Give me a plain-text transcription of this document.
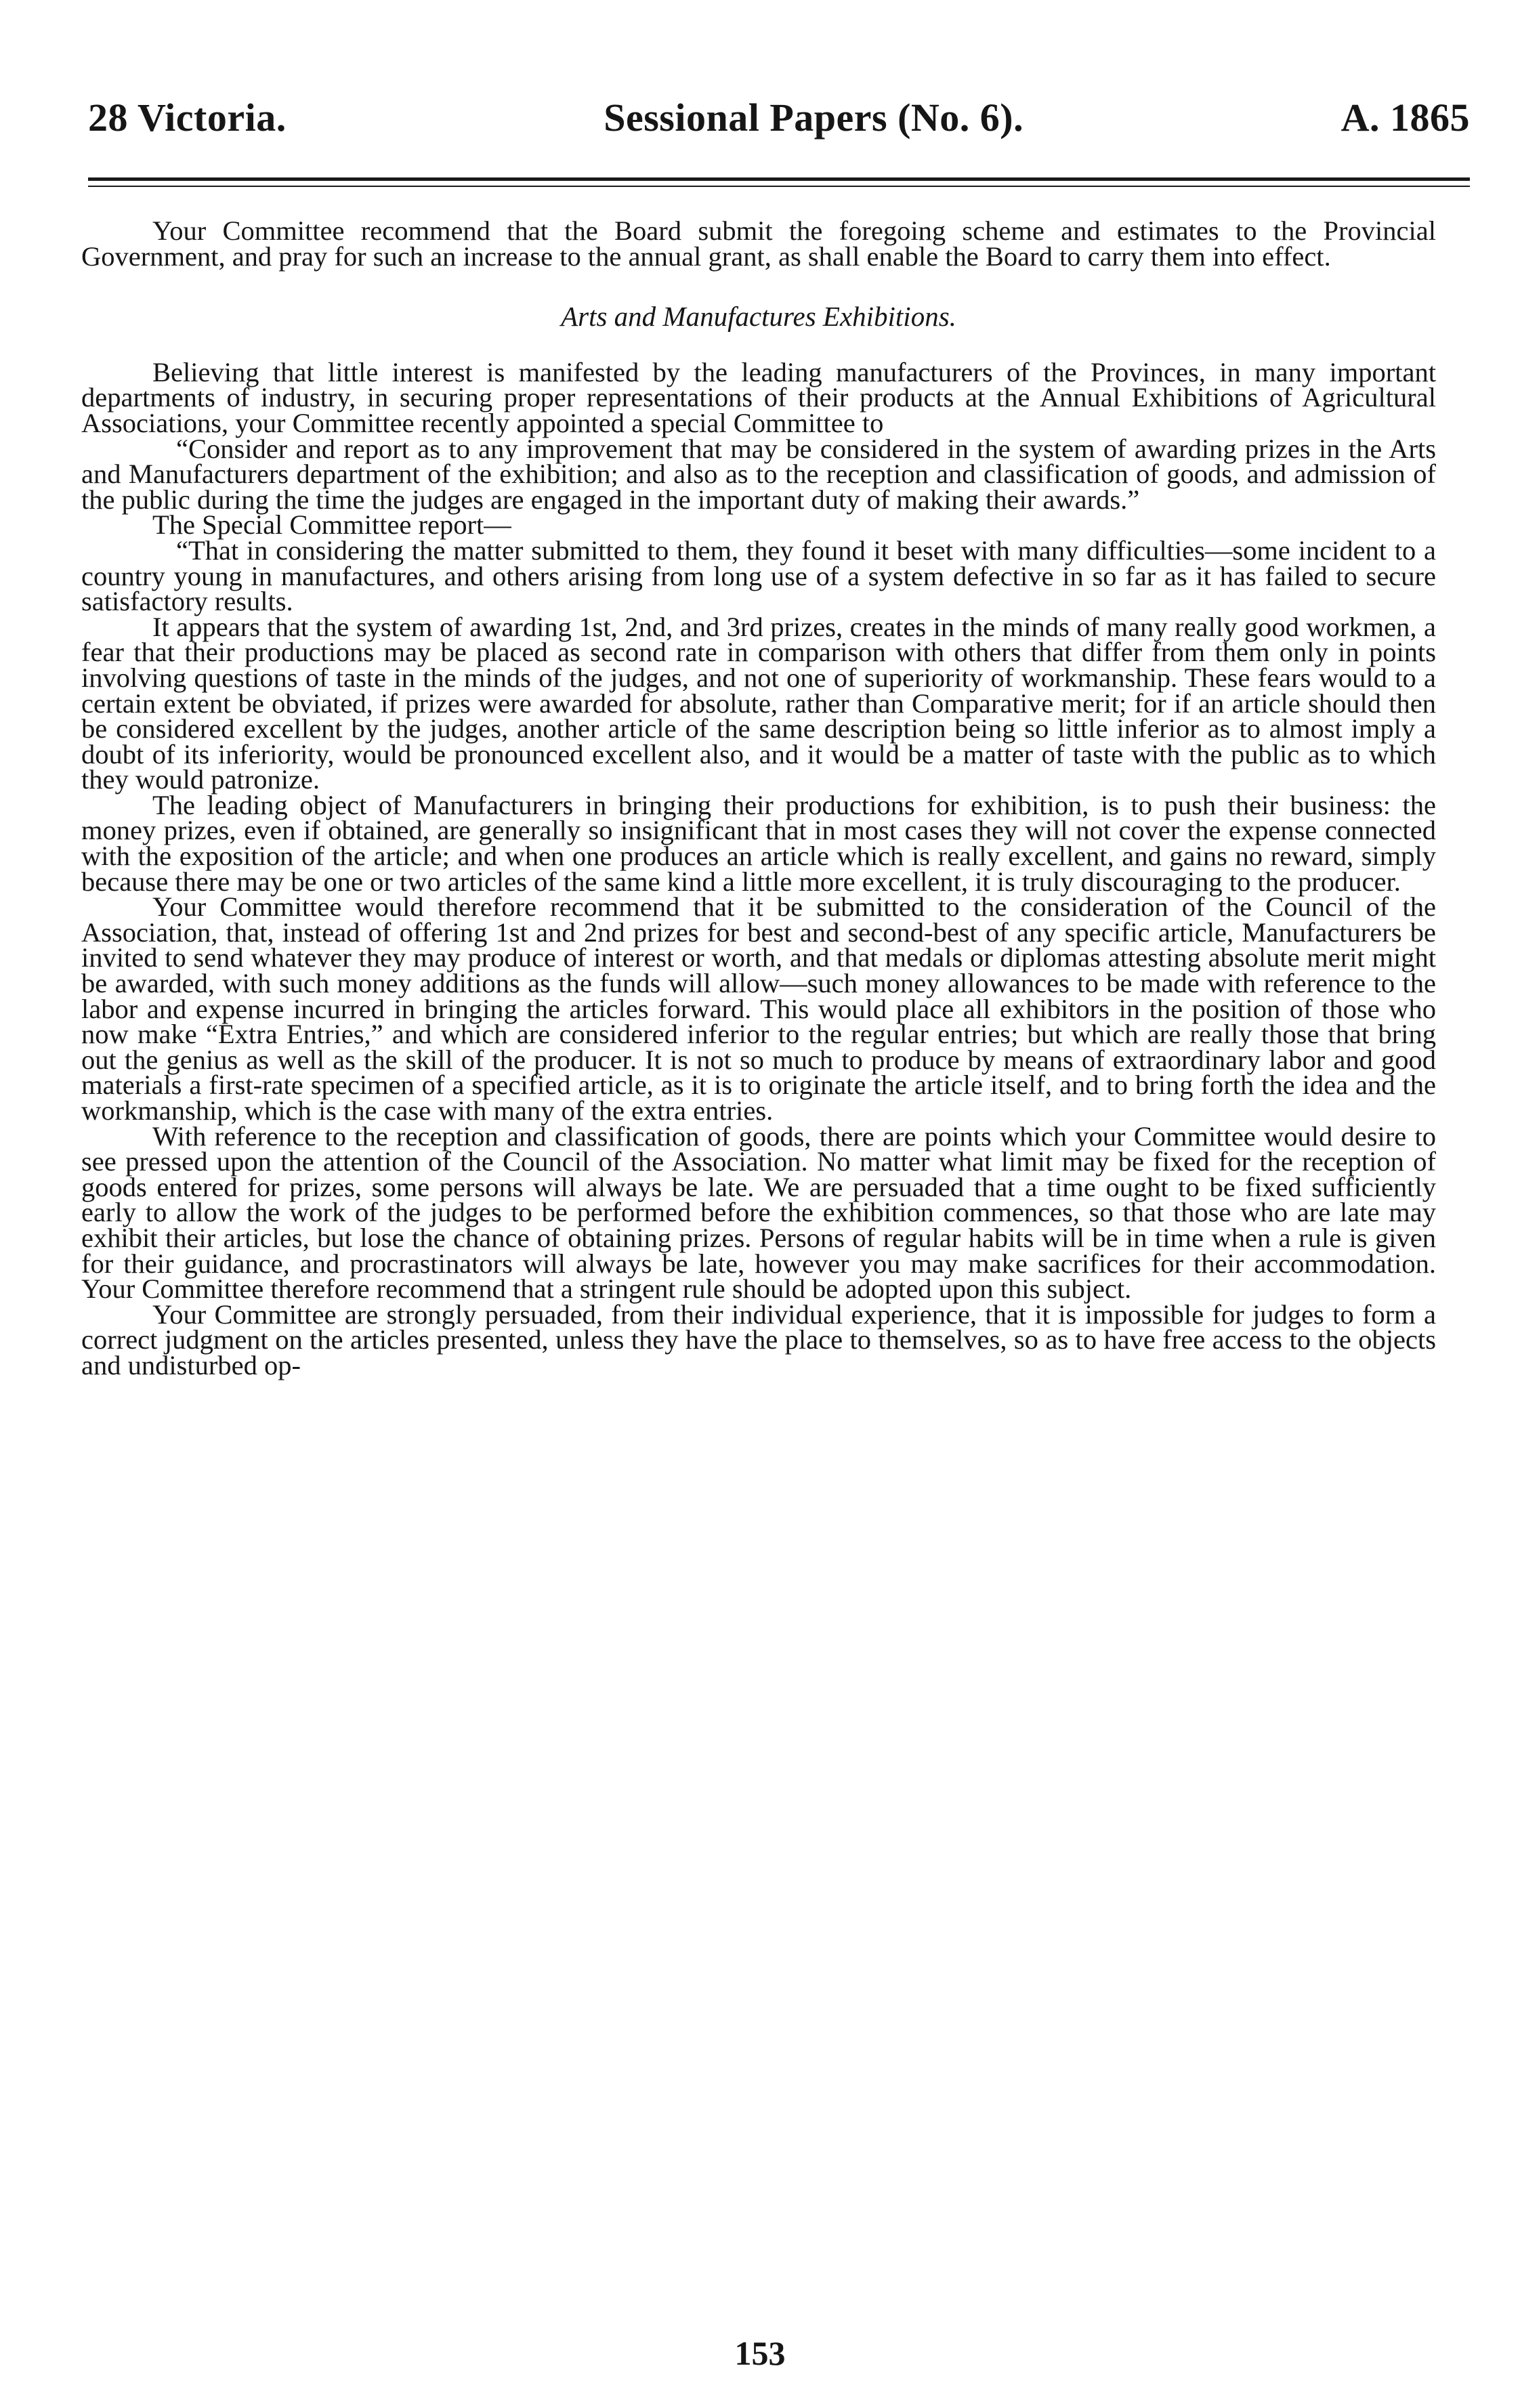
28 Victoria.	Sessional Papers (No. 6).	A. 1865

Your Committee recommend that the Board submit the foregoing scheme and estimates to the Provincial Government, and pray for such an increase to the annual grant, as shall enable the Board to carry them into effect.

Arts and Manufactures Exhibitions.

Believing that little interest is manifested by the leading manufacturers of the Provinces, in many important departments of industry, in securing proper representations of their products at the Annual Exhibitions of Agricultural Associations, your Committee recently appointed a special Committee to

“Consider and report as to any improvement that may be considered in the system of awarding prizes in the Arts and Manufacturers department of the exhibition; and also as to the reception and classification of goods, and admission of the public during the time the judges are engaged in the important duty of making their awards.”

The Special Committee report—

“That in considering the matter submitted to them, they found it beset with many difficulties—some incident to a country young in manufactures, and others arising from long use of a system defective in so far as it has failed to secure satisfactory results.

It appears that the system of awarding 1st, 2nd, and 3rd prizes, creates in the minds of many really good workmen, a fear that their productions may be placed as second rate in comparison with others that differ from them only in points involving questions of taste in the minds of the judges, and not one of superiority of workmanship. These fears would to a certain extent be obviated, if prizes were awarded for absolute, rather than Comparative merit; for if an article should then be considered excellent by the judges, another article of the same description being so little inferior as to almost imply a doubt of its inferiority, would be pronounced excellent also, and it would be a matter of taste with the public as to which they would patronize.

The leading object of Manufacturers in bringing their productions for exhibition, is to push their business: the money prizes, even if obtained, are generally so insignificant that in most cases they will not cover the expense connected with the exposition of the article; and when one produces an article which is really excellent, and gains no reward, simply because there may be one or two articles of the same kind a little more excellent, it is truly discouraging to the producer.

Your Committee would therefore recommend that it be submitted to the consideration of the Council of the Association, that, instead of offering 1st and 2nd prizes for best and second-best of any specific article, Manufacturers be invited to send whatever they may produce of interest or worth, and that medals or diplomas attesting absolute merit might be awarded, with such money additions as the funds will allow—such money allowances to be made with reference to the labor and expense incurred in bringing the articles forward. This would place all exhibitors in the position of those who now make “Extra Entries,” and which are considered inferior to the regular entries; but which are really those that bring out the genius as well as the skill of the producer. It is not so much to produce by means of extraordinary labor and good materials a first-rate specimen of a specified article, as it is to originate the article itself, and to bring forth the idea and the workmanship, which is the case with many of the extra entries.

With reference to the reception and classification of goods, there are points which your Committee would desire to see pressed upon the attention of the Council of the Association. No matter what limit may be fixed for the reception of goods entered for prizes, some persons will always be late. We are persuaded that a time ought to be fixed sufficiently early to allow the work of the judges to be performed before the exhibition commences, so that those who are late may exhibit their articles, but lose the chance of obtaining prizes. Persons of regular habits will be in time when a rule is given for their guidance, and procrastinators will always be late, however you may make sacrifices for their accommodation. Your Committee therefore recommend that a stringent rule should be adopted upon this subject.

Your Committee are strongly persuaded, from their individual experience, that it is impossible for judges to form a correct judgment on the articles presented, unless they have the place to themselves, so as to have free access to the objects and undisturbed op-

153
